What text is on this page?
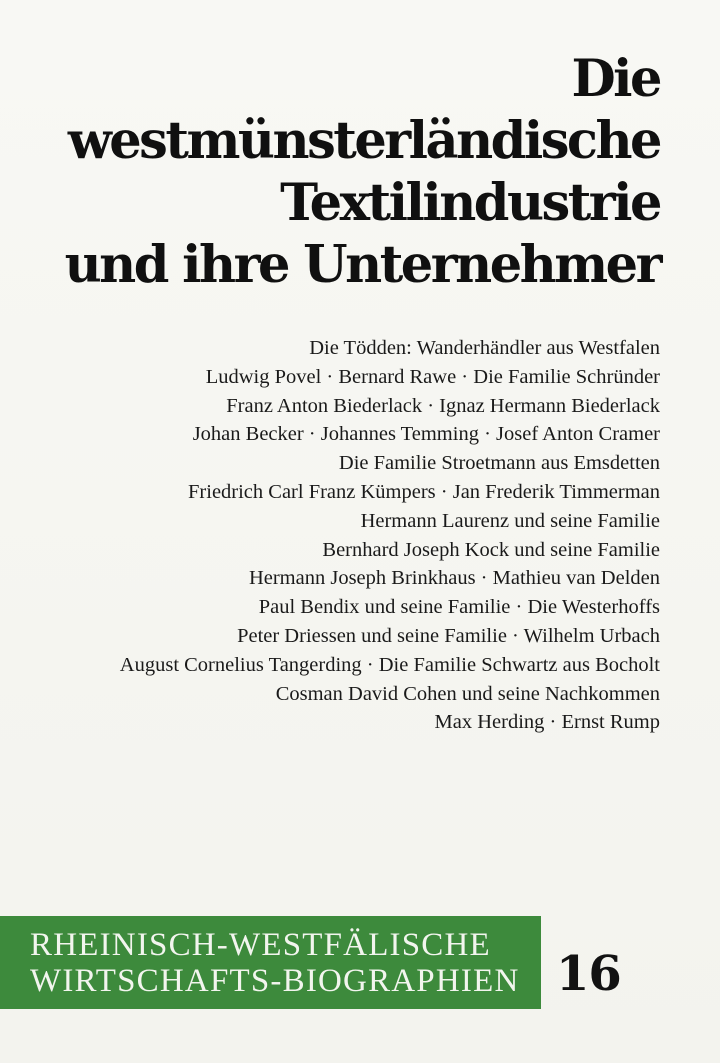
Die
westmünsterländische
Textilindustrie
und ihre Unternehmer
Die Tödden: Wanderhändler aus Westfalen
Ludwig Povel · Bernard Rawe · Die Familie Schründer
Franz Anton Biederlack · Ignaz Hermann Biederlack
Johan Becker · Johannes Temming · Josef Anton Cramer
Die Familie Stroetmann aus Emsdetten
Friedrich Carl Franz Kümpers · Jan Frederik Timmerman
Hermann Laurenz und seine Familie
Bernhard Joseph Kock und seine Familie
Hermann Joseph Brinkhaus · Mathieu van Delden
Paul Bendix und seine Familie · Die Westerhoffs
Peter Driessen und seine Familie · Wilhelm Urbach
August Cornelius Tangerding · Die Familie Schwartz aus Bocholt
Cosman David Cohen und seine Nachkommen
Max Herding · Ernst Rump
RHEINISCH-WESTFÄLISCHE
WIRTSCHAFTS-BIOGRAPHIEN 16
